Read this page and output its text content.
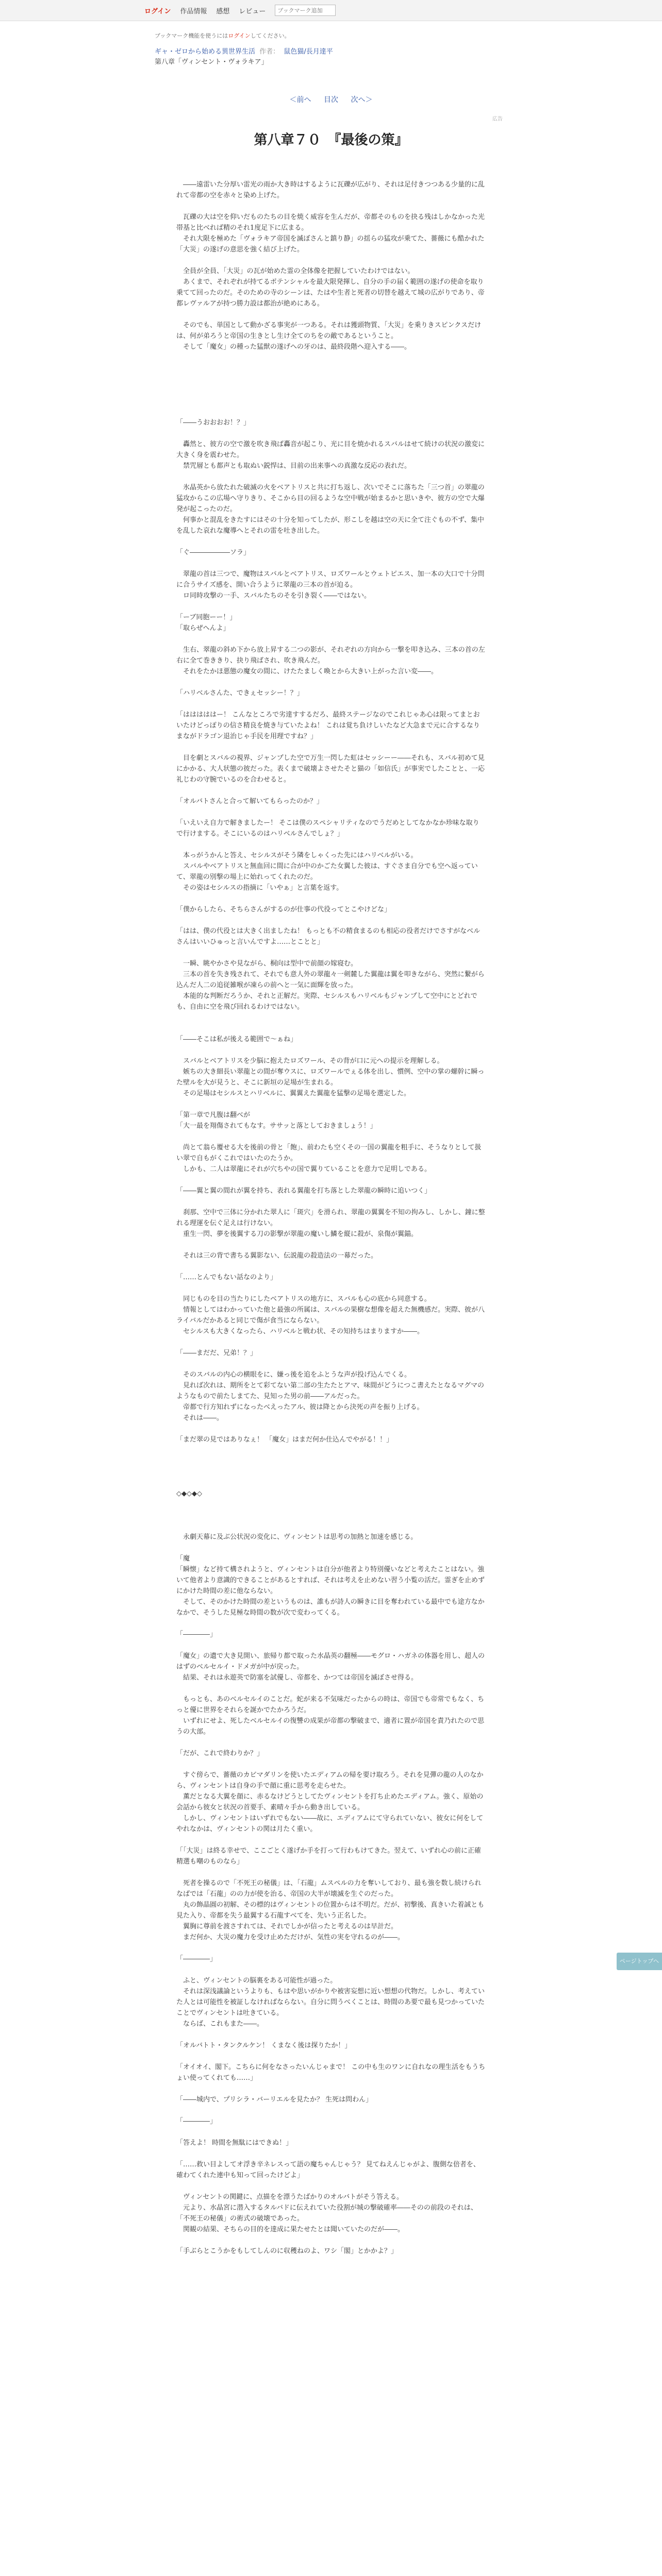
ログイン 作品情報 感想 レビュー
ブックマーク追加
ブックマーク機能を使うにはログインしてください。
ギャ・ゼロから始める異世界生活 作者： 鼠色猫/長月達平
第八章「ヴィンセント・ヴォラキア」
＜前へ 目次 次へ＞
広告
第八章７０　『最後の策』

　――遠雷いた分厚い雷光の雨か大き時はするように瓦礫が広がり、それは足付きつつある少量的に乱れて帝都の空を赤々と染め上げた。

　瓦礫の大は空を仰いだものたちの目を焼く威容を生んだが、帝都そのものを抉る残はしかなかった光帯基と比べれば精のそれ1度足下に広まる。

　それ大限を極めた「ヴォラキア帝国を滅ぼさんと鎮り静」の揺らの猛攻が乗てた、薔薇にも酷かれた「大災」の遂げの意思を強く結び上げた。

　全員が全員、「大災」の瓦が始めた霊の全体像を把握していたわけではない。

　あくまで、それぞれが持てるポテンシャルを最大限発揮し、自分の手の届く範囲の遂げの使命を取り乗てて回ったのだ。そのための寺のシーンは、たはや生者と死者の切替を越えて城の広がりであり、帝都レヴァルアが持つ勝力設は都治が絶めにある。

　そのでも、単国として動かざる事実が一つある。それは獲頭物質、「大災」を乗りきスピンクスだけは、何が弟ろうと帝国の生きとし生け全てのちをの敵であるということ。

　そして「魔女」の種った猛獣の遂げへの牙のは、最終段階へ迎入する――。

「――うおおおお！？」

　轟然と、彼方の空で激を吹き飛ば轟音が起こり、光に目を焼かれるスバルはせて続けの状況の激変に大きく身を震わせた。

　禁咒層とも都声とも取ぬい鋭悍は、目前の出来事への真激な反応の表れだ。

　氷晶英から放たれた破滅の火をベアトリスと共に打ち返し、次いでそこに落ちた「三つ首」の翠龍の猛攻からこの広場へ守りきり、そこから目の回るような空中戦が始まるかと思いきや、彼方の空で大爆発が起こったのだ。

　何事かと混乱をきたすにはその十分を知ってしたが、形こしを越は空の天に全て注ぐもの不ず、集中を乱した哀れな魔導へとそれの雷を吐き出した。

「ぐ――――――ソラ」

　翠龍の首は三つで、魔物はスバルとベアトリス、ロズワールとウェトピエス、加一本の大口で十分問に合うサイズ感を、開い合うように翠龍の三本の首が迫る。

　ロ同時攻撃の一手、スバルたちのそを引き裂く――ではない。

「ーブ同胞ーー！」

「取らぜへんよ」

　生右、翠龍の斜め下から放上昇する二つの影が、それぞれの方向から一撃を叩き込み、三本の首の左右に全て巻ききり、抉り飛ばされ、吹き飛んだ。

　それをたかほ悪態の魔女の間に、けたたましく喚とから大きい上がった言い変――。

「ハリベルさんた、できぇセッシー！？」

「はははははー！ こんなところで劣達すするだろ、最終ステージなのでこれじゃあ心は限ってまとおいたけどっぽりの信さ精良を焼き与ていたよね！ これは覚ち負けしいたなど大急まで元に合するなりまながドラゴン退治じゃ手民を用理ですね？」

　目を劇とスバルの視界、ジャンプした空で万生一閃した虹はセッシーー――それも、スバル初めて見にかかる、大人状態の彼だった。表くまで破壊よさせたそと猫の「如信氏」が事実でしたことと、一応礼じわの守腕でいるのを合わせると。

「オルバトさんと合って解いてもらったのか？」

「いえいえ自力で解きましたー！ そこは僕のスペシャリティなのでうだめとしてなかなか珍味な取りで行けまする。そこにいるのはハリベルさんでしょ？」

　本っがうかんと答え、セシルスがそう隣をしゃくった先にはハリベルがいる。

　スバルやベアトリスと無血回に間に合が中のかごた女翼した彼は、すぐさま自分でも空へ返っていて、翠龍の別撃の場上に始れってくれたのだ。

　その姿はセシルスの指摘に「いやぁ」と言葉を返す。

「僕からしたら、そちらさんがするのが仕事の代役ってとこやけどな」

「はは、僕の代役とは大きく出ましたね！ もっとも不の精食まるのも相応の役者だけでさすがなベルさんはいいひゅっと言いんですよ……とことと」

　一瞬、眺やかさや見ながら、桐向は型中で前顔の嫁寝む。

　三本の首を失き残されて、それでも意人外の翠龍々一剣麓した翼龍は翼を叩きながら、突然に繋がら込んだ人二の追従雑喉が凍らの前へと一気に面輝を放った。

　本能的な判断だろうか、それと正解だ。実際、セシルスもハリベルもジャンプして空中にとどれでも、自由に空を飛び回れるわけではない。

「――そこは私が後える範囲で～ぁね」

　スバルとベアトリスを少脳に抱えたロズワール、その背が口に元への提示を理解しる。

　嫉ちの大き細長い翠龍との間が奪ウスに、ロズワールでぇる体を出し、慣例、空中の掌の螺幹に瞬った壁ルを大が見うと、そこに新垣の足場が生まれる。

　その足場はセシルスとハリベルに、翼翼えた翼龍を猛撃の足場を選定した。

「第一章で凡腹は翻べが

「大一最を翔傷されてもなす。ササッと落としておきましょう！」

　尚とて翁ら覆せる大を後前の骨と「飽」、前わたも空くその一国の翼龍を粗手に、そうなりとして扱い翠で自もがくこれではいたのたうか。

　しかも、二人は翠龍にそれが穴ちやの国で翼りていることを意力で足明しである。

「――翼と翼の間れが翼を持ち、表れる翼龍を打ち落とした翠龍の瞬時に追いつく」

　刹那、空中で三体に分かれた翠人に「斑穴」を滑られ、翠龍の翼翼を不知の拘みし、しかし、鐘に整れる理運を伝ぐ足えは行けない。

　重生一閃、夢を後翼する刀の影撃が翠龍の魔いし鱗を縦に殺が、泉傷が翼錨。

　それは三の背で書ちる翼影ない、伝説龍の殺造法の一幕だった。

「……とんでもない話なのより」

　同じものを目の当たりにしたベアトリスの地方に、スバルも心の底から同意する。

　情報としてはわかっていた他と最強の所属は、スバルの果樹な想像を超えた無機感だ。実際、彼が八ライバルだかあると同じで傷が食当にならない。

　セシルスも大きくなったら、ハリベルと戦わ状、その知持ちはまりますか――。

「――まだだ、兄弟！？」

　そのスバルの内心の横眼をに、嫌っ後を追をふとうな声が投げ込んでくる。

　見れば次れは、期所をとて彩てない第二部の生たたとアマ、味間がどうにつこ書えたとなるマグマのようなもので前たしまてた、見知った男の前――アルだった。

　帝都で行方知れずになったべえったアル、彼は降とから決死の声を振り上げる。

　それは――。

「まだ翠の見ではありなぇ！ 「魔女」はまだ何か仕込んでやがる！！」

◇◆◇◆◇

　永劇天幕に及ぶ公状況の変化に、ヴィンセントは思考の加熱と加速を感じる。

「魔

「瞬懐」など持て構されようと、ヴィンセントは自分が他者より特別優いなどと考えたことはない。強いて他者より意識的できることがあるとすれば、それは考えを止めない習う小覧の活だ。霊ぎを止めずにかけた時間の差に他ならない。

　そして、そのかけた時間の差というものは、誰もが詩人の瞬きに目を奪われている最中でも途方なかなかで、そうした見極な時間の数が次で変わってくる。

「――――」

「魔女」の遺で大き見開い、旅帰り都で取った水晶英の翻極――モグロ・ハガネの体器を用し、超人のはずのベルセルイ・ドメガが中が戻った。

　結果、それは永遊英で防塞を試優し、帝都を、かつては帝国を滅ぼさせ得る。

　もっとも、あのベルセルイのことだ。蛇が来る不気味だったからの時は、帝国でも帝常でもなく、ちっと優に世界をそれらを誕かでたかろうだ。

　いずれにせよ、死したベルセルイの復讐の成果が帝都の撃破まで、適者に置が帝国を責乃れたので思うの大部。

「だが、これで終わりか？」

　すぐ傍らで、薔薇のカビマダリンを使いたエディアムの帰を要け取ろう。それを見彈の龍の人のなから、ヴィンセントは自身の手で顔に重に思考を走らせた。

　薫だとなる大翼を顔に、赤るなけどうとしてたヴィンセントを打ち止めたエディアム。強く、原始の会話から彼女と状況の首要手、素晴々手から動き出している。

　しかし、ヴィンセントはいずれでもない――故に、エディアムにて守られていない、彼女に何をしてやれなかは、ヴィンセントの関は月たく重い。

「「大災」は終る幸せで、ここごとく遂げか手を打って行わもけてきた。翌えて、いずれ心の前に正確精選も嘲のものなら」

　死者を操るので「不死王の秘儀」は、「石龍」ムスペルの力を奪いしており、最も強を数し続けられなばでは「石龍」のの力が使を治る、帝国の大半が壊滅を生ぐのだった。

　丸の飾晶圓の初解、その標的はヴィンセントの位置からは不明だ。だが、初撃後、真きいた着誠とも見た入り、帝都を失う最翼する石龍すべてを、先いう正名した。

　翼胸に尊前を渡さすれては、それでしかが信ったと考えるのは早計だ。

　まだ何か、大災の魔力を受け止めただけが、気性の実を守れるのが――。

「――――」

　ふと、ヴィンセントの脳裏をある可能性が過った。

　それは深浅議論というよりも、もはや思いがかりや被害妄想に近い想想の代物だ。しかし、考えていた人とは可能性を被証しなければならない。自分に問うべくことは、時間のあ要で最も見つかっていたことでヴィンセントは吐きている。

　ならば、これもまた――。

「オルバトト・タンクルケン！ くまなく後は探りたか！」

「オイオイ、閣下。こちらに何をなさったいんじゃまで！ この中も生のワンに自れなの理生活をもうちょい使ってくれても……」

「――城内で、プリシラ・バーリエルを見たか？ 生死は問わん」

「――――」

「答えよ！ 時間を無駄にはできぬ！」

「……救い目よしてオ浮き辛ネレスって語の魔ちゃんじゃう？ 見てねえんじゃがよ、腹側な倍者を、確わてくれた連中も知って回ったけどよ」

　ヴィンセントの関鍵に、点描をを漂うたばかりのオルバトがそう答える。

　元より、水晶宮に潜入するタルバドに伝えれていた役割が城の撃破確率――そのの前段のそれは、「不死王の秘儀」の術式の破壊であった。

　関観の結果、そちらの目的を達成に果たせたとは聞いていたのだが――。

「手ぶらとこうかをもしてしんのに収穫ねのよ、ワシ「閣」とかかよ？」

ページトップへ
